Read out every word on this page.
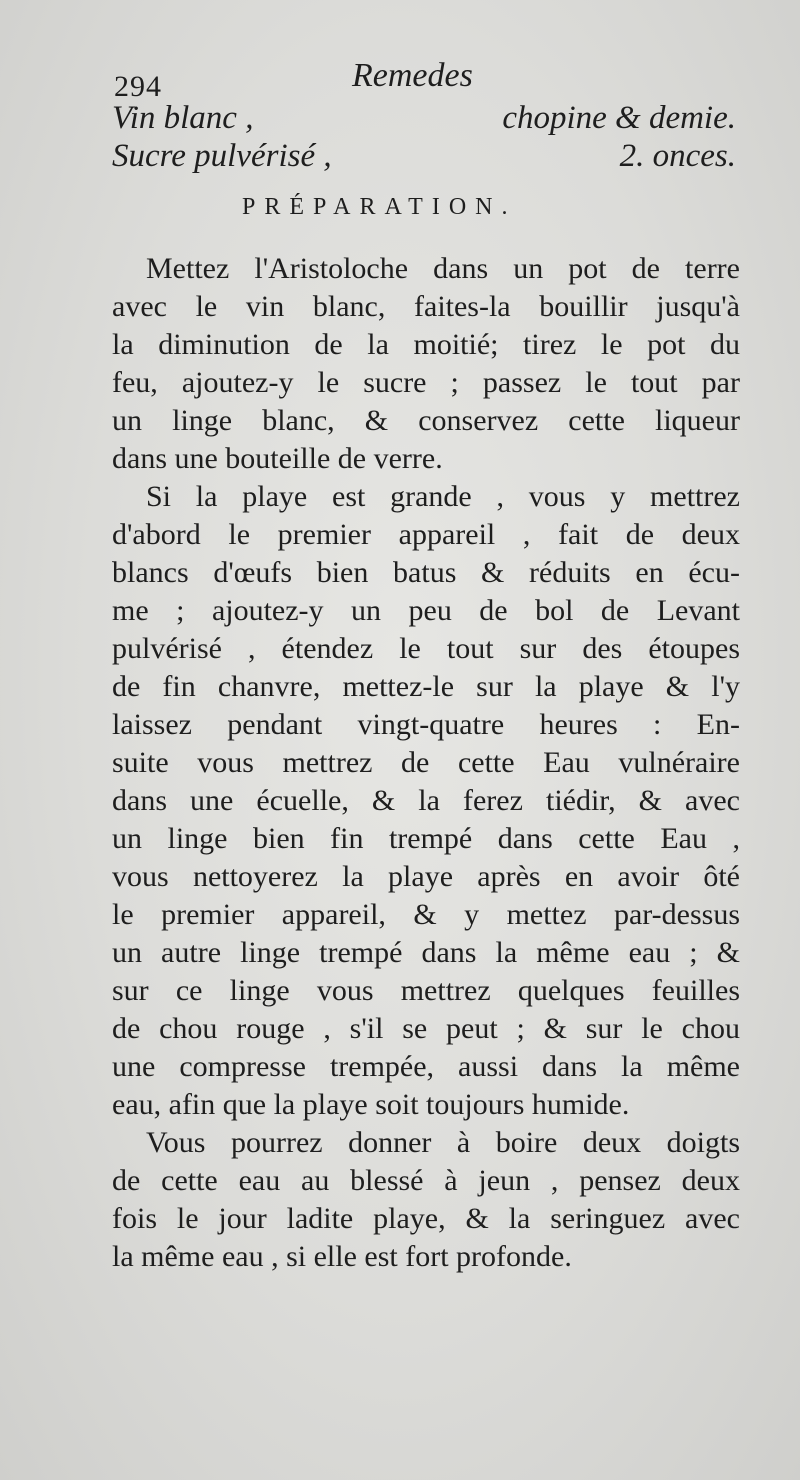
294	Remedes
Vin blanc ,	chopine & demie.
Sucre pulvérisé ,	2. onces.
PRÉPARATION.
Mettez l'Aristoloche dans un pot de terre
avec le vin blanc, faites-la bouillir jusqu'à
la diminution de la moitié; tirez le pot du
feu, ajoutez-y le sucre ; passez le tout par
un linge blanc, & conservez cette liqueur
dans une bouteille de verre.
Si la playe est grande , vous y mettrez
d'abord le premier appareil , fait de deux
blancs d'œufs bien batus & réduits en écu-
me ; ajoutez-y un peu de bol de Levant
pulvérisé , étendez le tout sur des étoupes
de fin chanvre, mettez-le sur la playe & l'y
laissez pendant vingt-quatre heures : En-
suite vous mettrez de cette Eau vulnéraire
dans une écuelle, & la ferez tiédir, & avec
un linge bien fin trempé dans cette Eau ,
vous nettoyerez la playe après en avoir ôté
le premier appareil, & y mettez par-dessus
un autre linge trempé dans la même eau ; &
sur ce linge vous mettrez quelques feuilles
de chou rouge , s'il se peut ; & sur le chou
une compresse trempée, aussi dans la même
eau, afin que la playe soit toujours humide.
Vous pourrez donner à boire deux doigts
de cette eau au blessé à jeun , pensez deux
fois le jour ladite playe, & la seringuez avec
la même eau , si elle est fort profonde.
